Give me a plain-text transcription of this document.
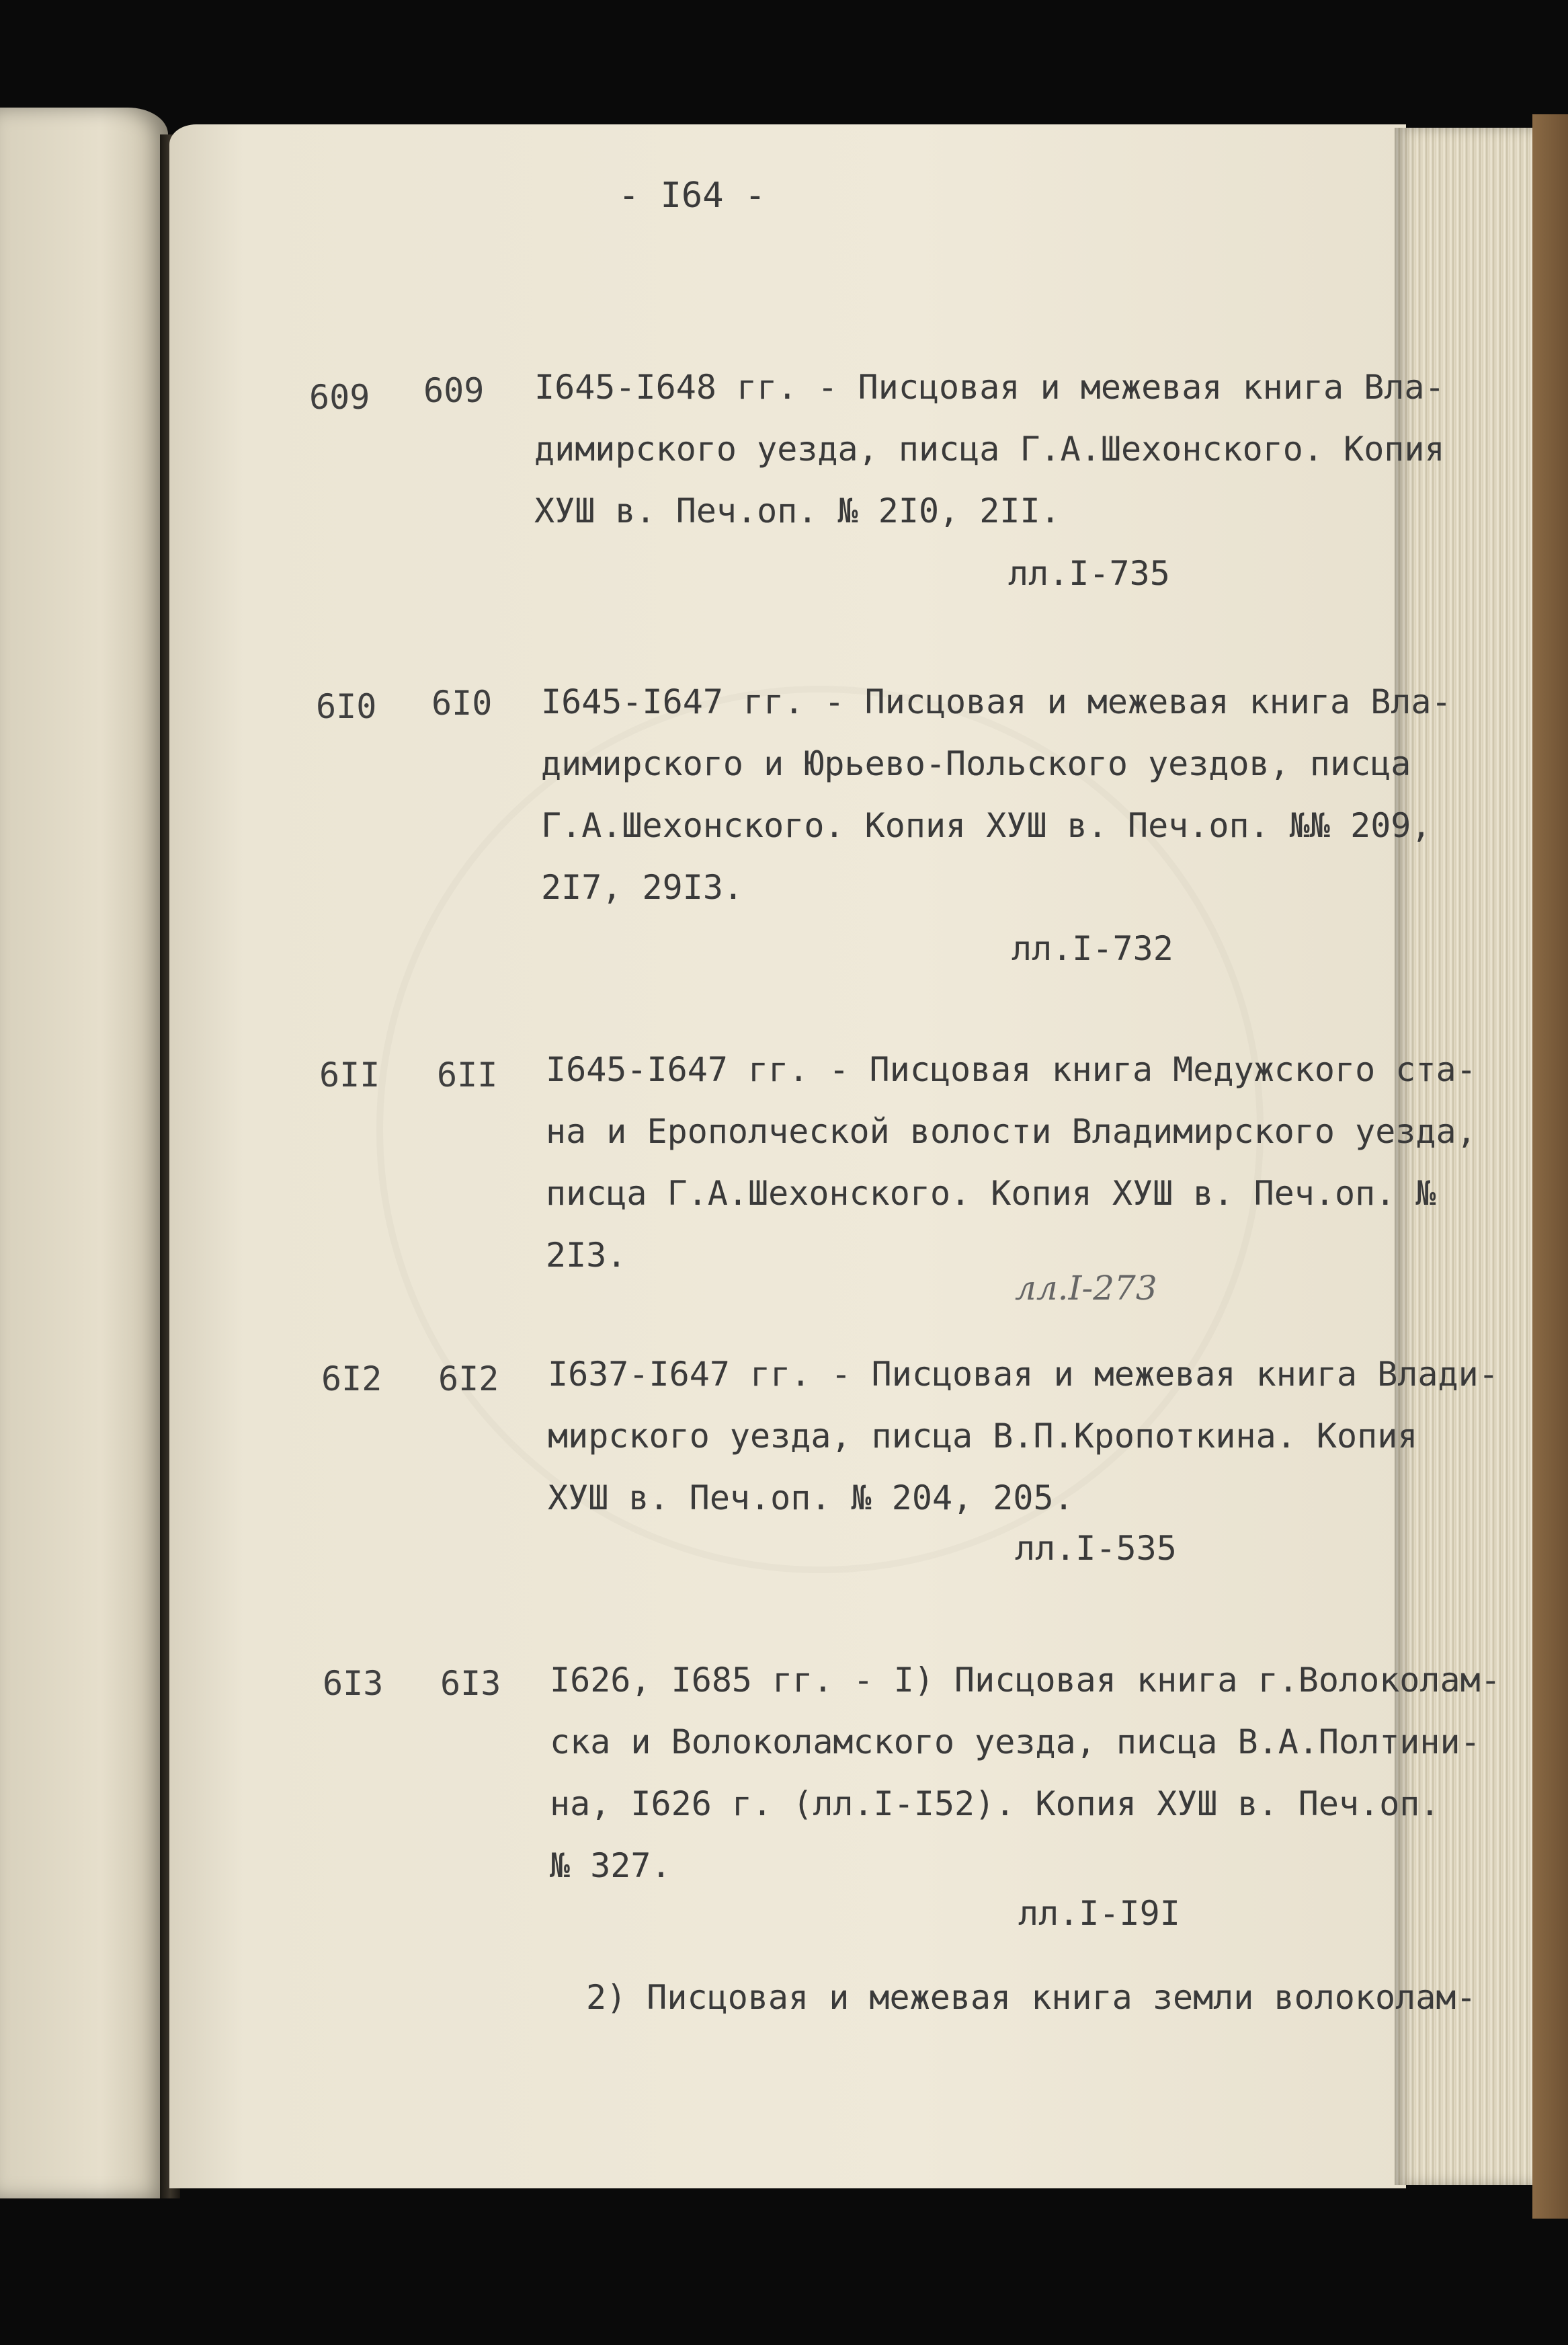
- I64 -
609 609 I645-I648 гг. - Писцовая и межевая книга Вла-
димирского уезда, писца Г.А.Шехонского. Копия
ХУШ в. Печ.оп. № 2I0, 2II.
лл.I-735
6I0 6I0 I645-I647 гг. - Писцовая и межевая книга Вла-
димирского и Юрьево-Польского уездов, писца
Г.А.Шехонского. Копия ХУШ в. Печ.оп. №№ 209,
2I7, 29I3.
лл.I-732
6II 6II I645-I647 гг. - Писцовая книга Медужского ста-
на и Ерополческой волости Владимирского уезда,
писца Г.А.Шехонского. Копия ХУШ в. Печ.оп. №
2I3.
лл.I-273
6I2 6I2 I637-I647 гг. - Писцовая и межевая книга Влади-
мирского уезда, писца В.П.Кропоткина. Копия
ХУШ в. Печ.оп. № 204, 205.
лл.I-535
6I3 6I3 I626, I685 гг. - I) Писцовая книга г.Волоколам-
ска и Волоколамского уезда, писца В.А.Полтини-
на, I626 г. (лл.I-I52). Копия ХУШ в. Печ.оп.
№ 327.
лл.I-I9I
2) Писцовая и межевая книга земли волоколам-
